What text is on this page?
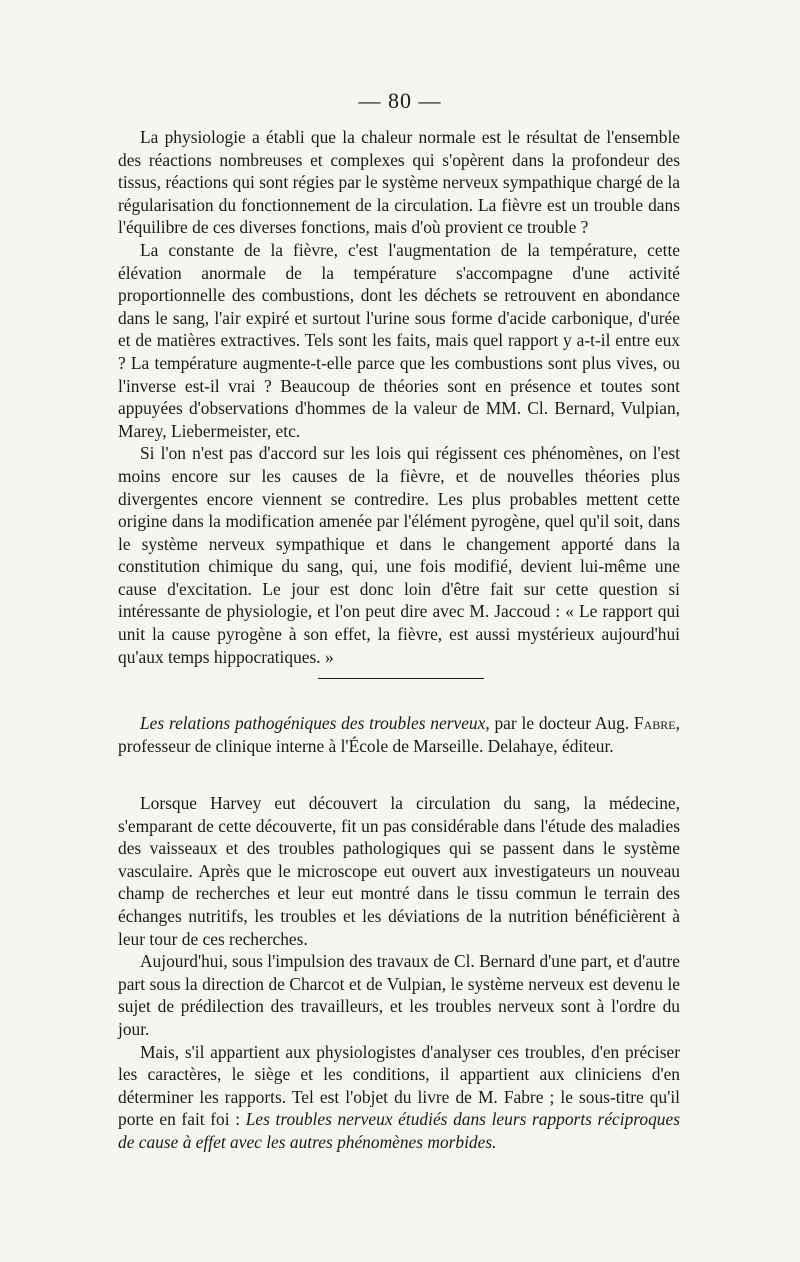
— 80 —

La physiologie a établi que la chaleur normale est le résultat de l'ensemble des réactions nombreuses et complexes qui s'opèrent dans la profondeur des tissus, réactions qui sont régies par le système nerveux sympathique chargé de la régularisation du fonctionnement de la circulation. La fièvre est un trouble dans l'équilibre de ces diverses fonctions, mais d'où provient ce trouble ?

La constante de la fièvre, c'est l'augmentation de la température, cette élévation anormale de la température s'accompagne d'une activité proportionnelle des combustions, dont les déchets se retrouvent en abondance dans le sang, l'air expiré et surtout l'urine sous forme d'acide carbonique, d'urée et de matières extractives. Tels sont les faits, mais quel rapport y a-t-il entre eux ? La température augmente-t-elle parce que les combustions sont plus vives, ou l'inverse est-il vrai ? Beaucoup de théories sont en présence et toutes sont appuyées d'observations d'hommes de la valeur de MM. Cl. Bernard, Vulpian, Marey, Liebermeister, etc.

Si l'on n'est pas d'accord sur les lois qui régissent ces phénomènes, on l'est moins encore sur les causes de la fièvre, et de nouvelles théories plus divergentes encore viennent se contredire. Les plus probables mettent cette origine dans la modification amenée par l'élément pyrogène, quel qu'il soit, dans le système nerveux sympathique et dans le changement apporté dans la constitution chimique du sang, qui, une fois modifié, devient lui-même une cause d'excitation. Le jour est donc loin d'être fait sur cette question si intéressante de physiologie, et l'on peut dire avec M. Jaccoud : « Le rapport qui unit la cause pyrogène à son effet, la fièvre, est aussi mystérieux aujourd'hui qu'aux temps hippocratiques. »

Les relations pathogéniques des troubles nerveux, par le docteur Aug. Fabre, professeur de clinique interne à l'École de Marseille. Delahaye, éditeur.

Lorsque Harvey eut découvert la circulation du sang, la médecine, s'emparant de cette découverte, fit un pas considérable dans l'étude des maladies des vaisseaux et des troubles pathologiques qui se passent dans le système vasculaire. Après que le microscope eut ouvert aux investigateurs un nouveau champ de recherches et leur eut montré dans le tissu commun le terrain des échanges nutritifs, les troubles et les déviations de la nutrition bénéficièrent à leur tour de ces recherches.

Aujourd'hui, sous l'impulsion des travaux de Cl. Bernard d'une part, et d'autre part sous la direction de Charcot et de Vulpian, le système nerveux est devenu le sujet de prédilection des travailleurs, et les troubles nerveux sont à l'ordre du jour.

Mais, s'il appartient aux physiologistes d'analyser ces troubles, d'en préciser les caractères, le siège et les conditions, il appartient aux cliniciens d'en déterminer les rapports. Tel est l'objet du livre de M. Fabre ; le sous-titre qu'il porte en fait foi : Les troubles nerveux étudiés dans leurs rapports réciproques de cause à effet avec les autres phénomènes morbides.
